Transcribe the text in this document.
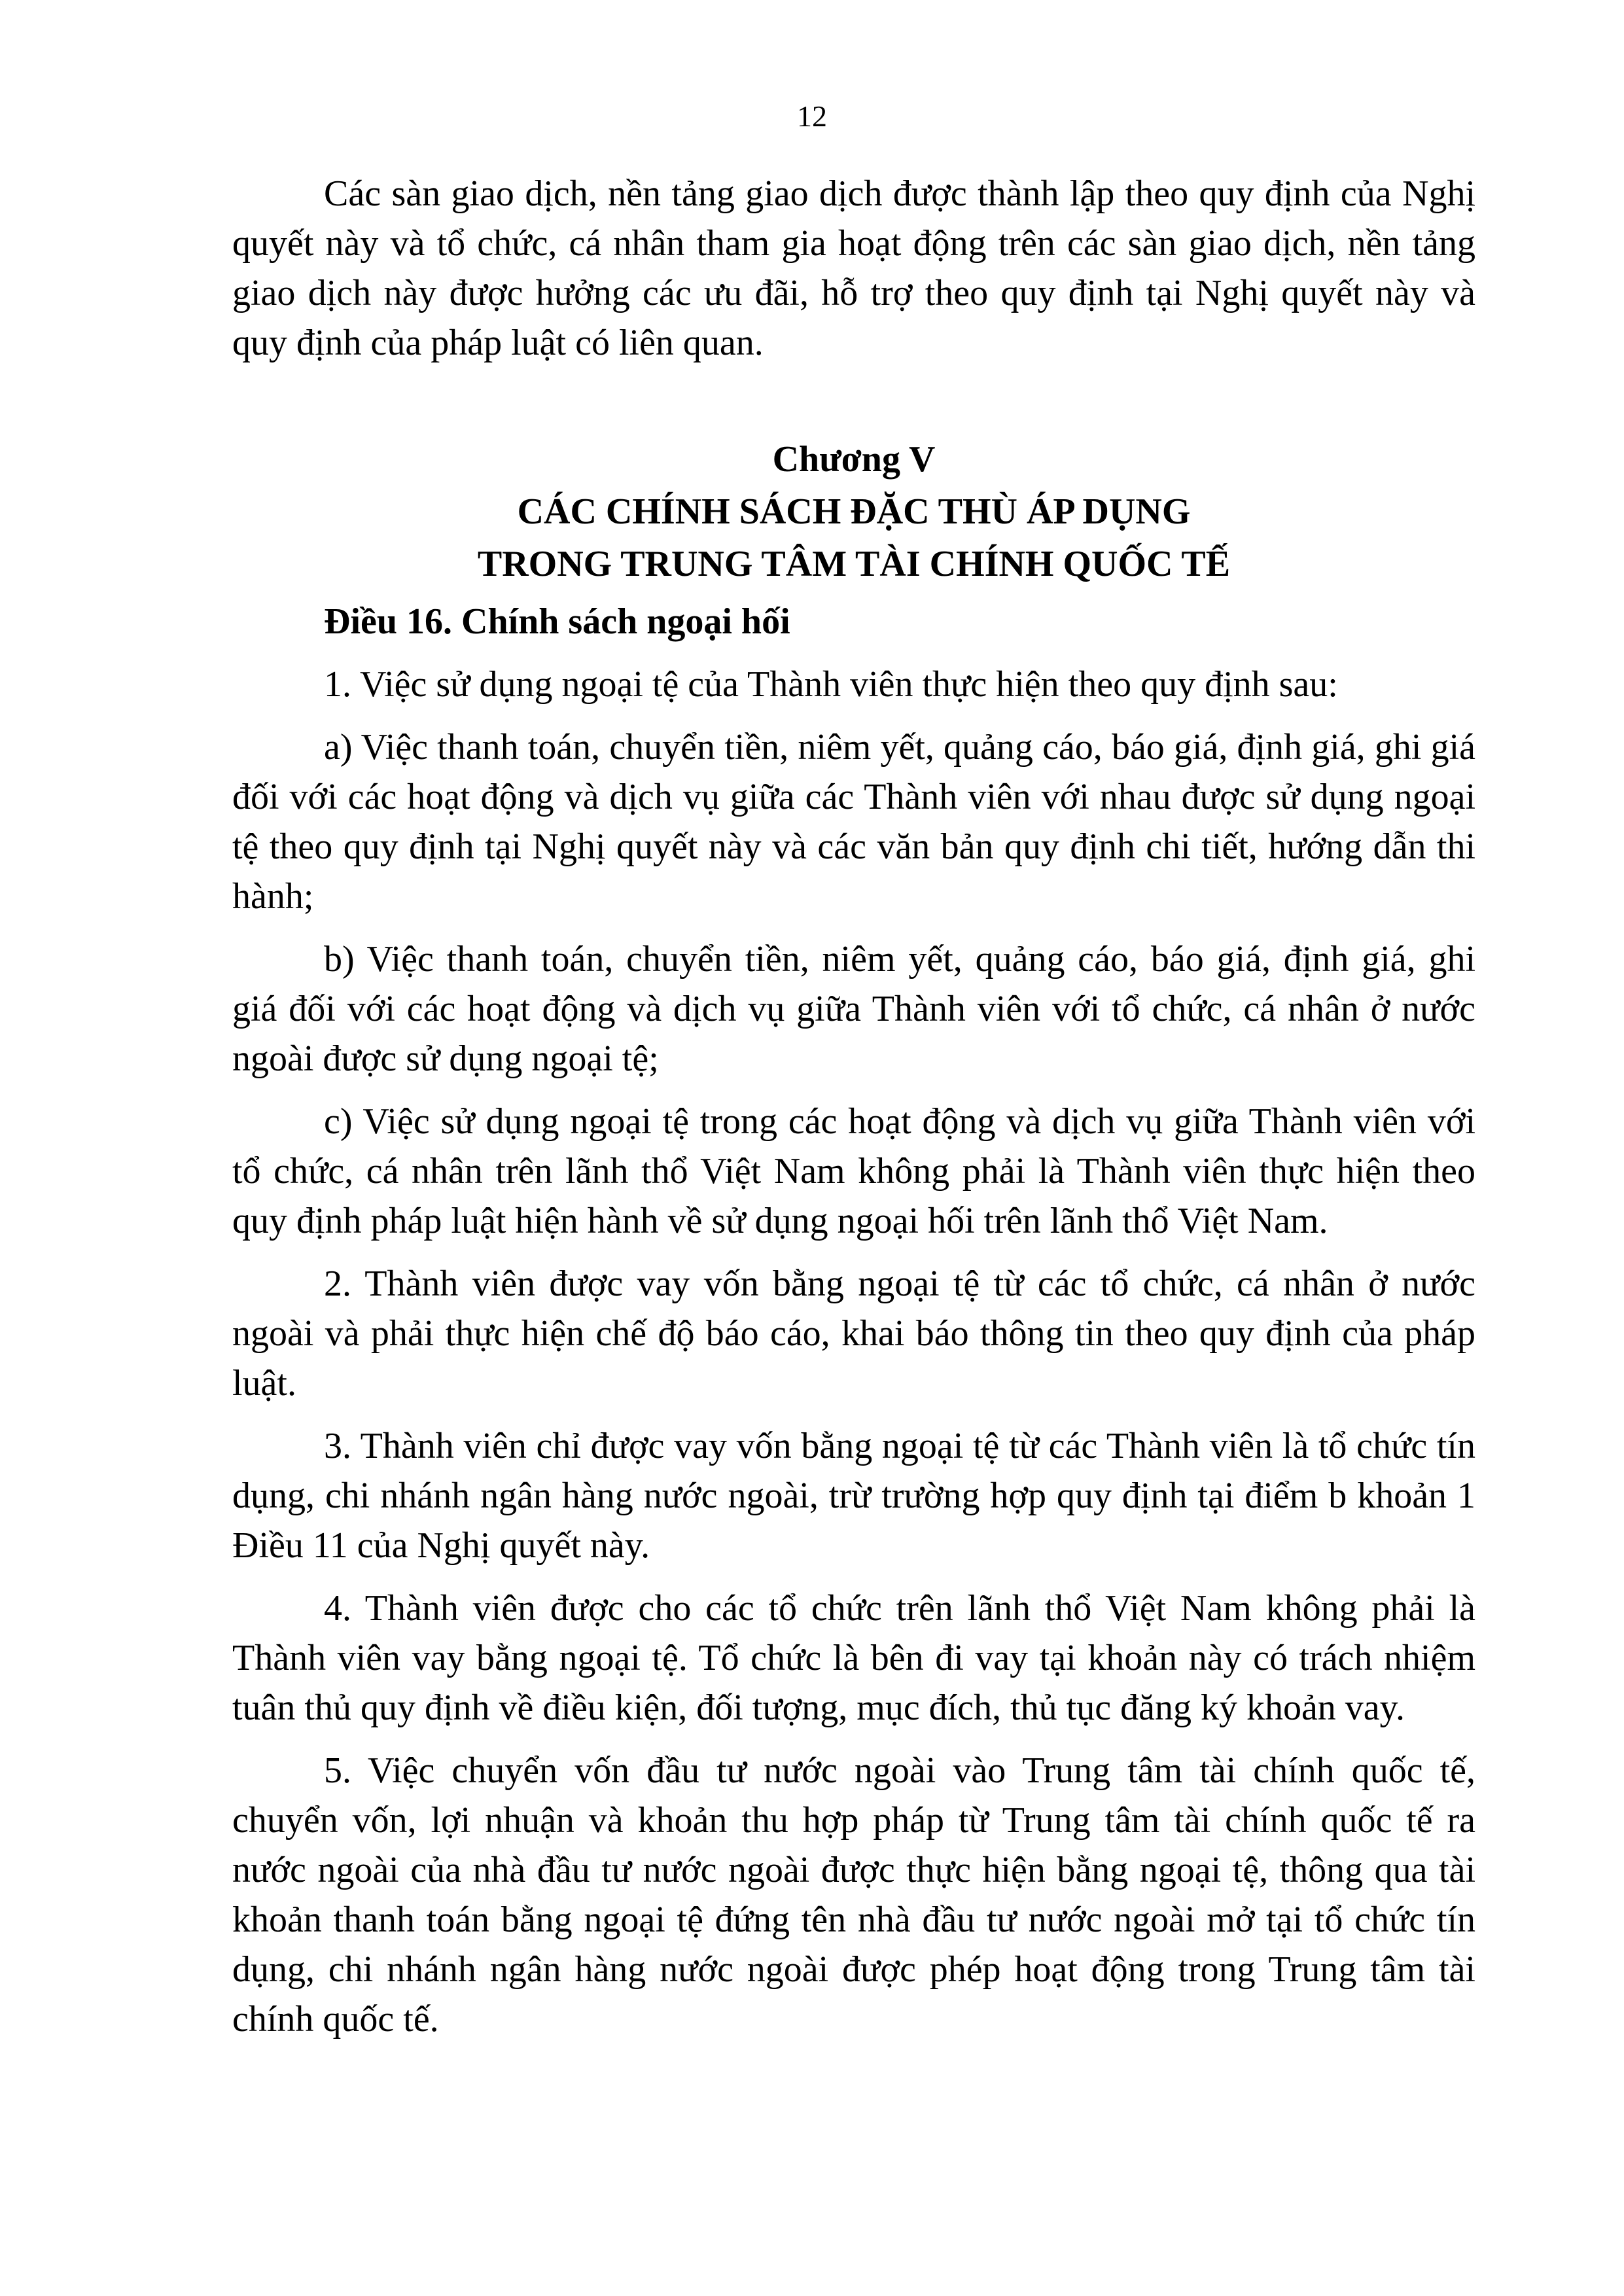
12

Các sàn giao dịch, nền tảng giao dịch được thành lập theo quy định của Nghị quyết này và tổ chức, cá nhân tham gia hoạt động trên các sàn giao dịch, nền tảng giao dịch này được hưởng các ưu đãi, hỗ trợ theo quy định tại Nghị quyết này và quy định của pháp luật có liên quan.

Chương V
CÁC CHÍNH SÁCH ĐẶC THÙ ÁP DỤNG
TRONG TRUNG TÂM TÀI CHÍNH QUỐC TẾ

Điều 16. Chính sách ngoại hối

1. Việc sử dụng ngoại tệ của Thành viên thực hiện theo quy định sau:

a) Việc thanh toán, chuyển tiền, niêm yết, quảng cáo, báo giá, định giá, ghi giá đối với các hoạt động và dịch vụ giữa các Thành viên với nhau được sử dụng ngoại tệ theo quy định tại Nghị quyết này và các văn bản quy định chi tiết, hướng dẫn thi hành;

b) Việc thanh toán, chuyển tiền, niêm yết, quảng cáo, báo giá, định giá, ghi giá đối với các hoạt động và dịch vụ giữa Thành viên với tổ chức, cá nhân ở nước ngoài được sử dụng ngoại tệ;

c) Việc sử dụng ngoại tệ trong các hoạt động và dịch vụ giữa Thành viên với tổ chức, cá nhân trên lãnh thổ Việt Nam không phải là Thành viên thực hiện theo quy định pháp luật hiện hành về sử dụng ngoại hối trên lãnh thổ Việt Nam.

2. Thành viên được vay vốn bằng ngoại tệ từ các tổ chức, cá nhân ở nước ngoài và phải thực hiện chế độ báo cáo, khai báo thông tin theo quy định của pháp luật.

3. Thành viên chỉ được vay vốn bằng ngoại tệ từ các Thành viên là tổ chức tín dụng, chi nhánh ngân hàng nước ngoài, trừ trường hợp quy định tại điểm b khoản 1 Điều 11 của Nghị quyết này.

4. Thành viên được cho các tổ chức trên lãnh thổ Việt Nam không phải là Thành viên vay bằng ngoại tệ. Tổ chức là bên đi vay tại khoản này có trách nhiệm tuân thủ quy định về điều kiện, đối tượng, mục đích, thủ tục đăng ký khoản vay.

5. Việc chuyển vốn đầu tư nước ngoài vào Trung tâm tài chính quốc tế, chuyển vốn, lợi nhuận và khoản thu hợp pháp từ Trung tâm tài chính quốc tế ra nước ngoài của nhà đầu tư nước ngoài được thực hiện bằng ngoại tệ, thông qua tài khoản thanh toán bằng ngoại tệ đứng tên nhà đầu tư nước ngoài mở tại tổ chức tín dụng, chi nhánh ngân hàng nước ngoài được phép hoạt động trong Trung tâm tài chính quốc tế.
